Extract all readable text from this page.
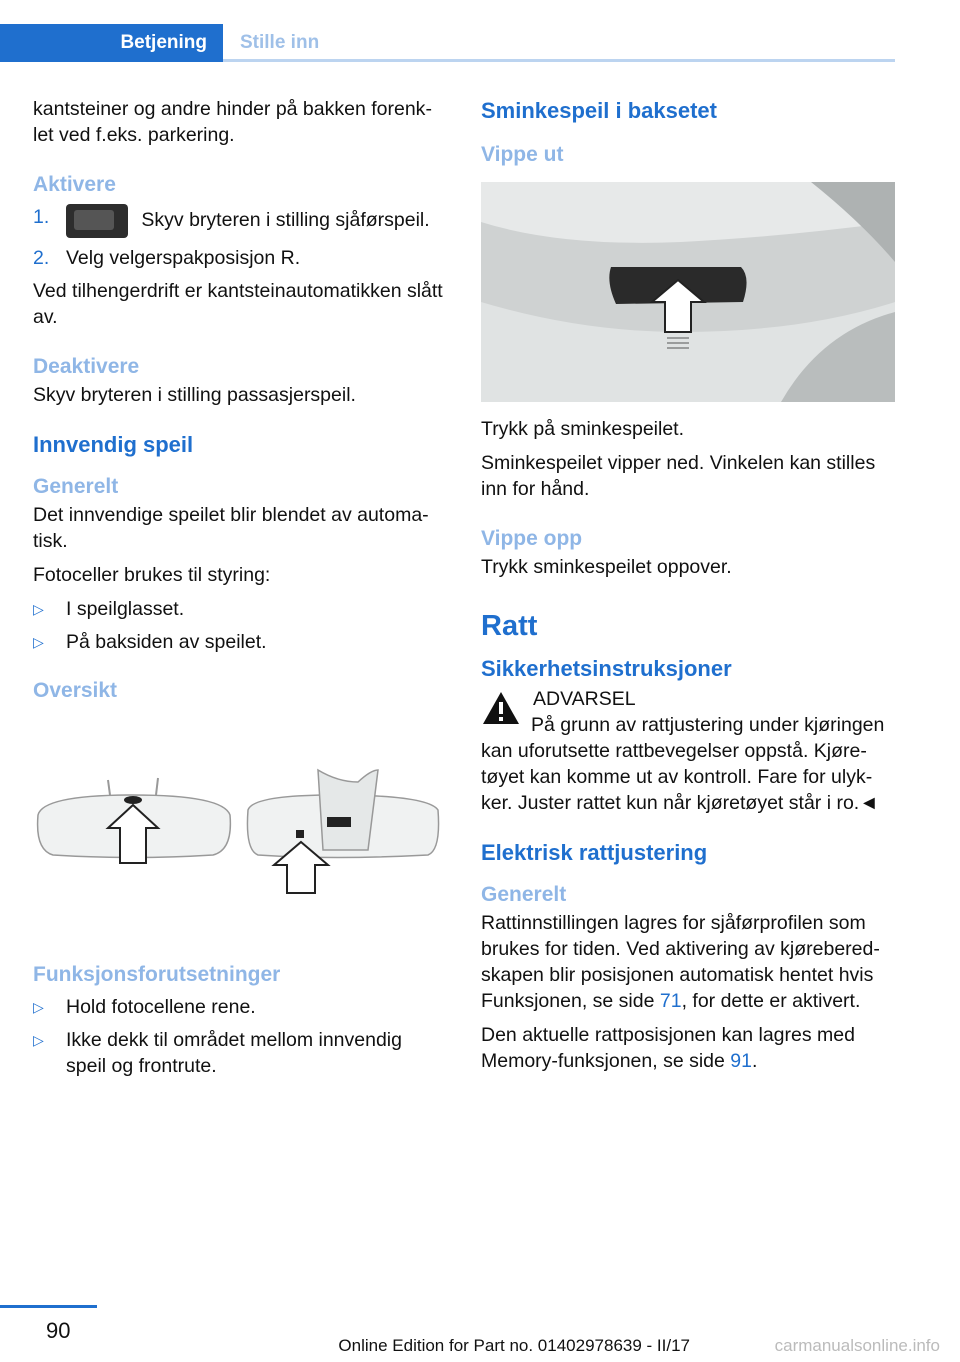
Betjening	Stille inn

kantsteiner og andre hinder på bakken forenklet ved f.eks. parkering.

Aktivere
1.	Skyv bryteren i stilling sjåførspeil.
2. Velg velgerspakposisjon R.

Ved tilhengerdrift er kantsteinautomatikken slått av.

Deaktivere

Skyv bryteren i stilling passasjerspeil.

Innvendig speil
Generelt

Det innvendige speilet blir blendet av automatisk.

Fotoceller brukes til styring:

▷ I speilglasset.
▷ På baksiden av speilet.
Oversikt
Funksjonsforutsetninger
▷ Hold fotocellene rene.
▷ Ikke dekk til området mellom innvendig speil og frontrute.
Sminkespeil i baksetet
Vippe ut

Trykk på sminkespeilet.

Sminkespeilet vipper ned. Vinkelen kan stilles inn for hånd.

Vippe opp

Trykk sminkespeilet oppover.

Ratt
Sikkerhetsinstruksjoner
ADVARSEL

På grunn av rattjustering under kjøringen kan uforutsette rattbevegelser oppstå. Kjøretøyet kan komme ut av kontroll. Fare for ulykker. Juster rattet kun når kjøretøyet står i ro.◄

Elektrisk rattjustering
Generelt

Rattinnstillingen lagres for sjåførprofilen som brukes for tiden. Ved aktivering av kjøreberedskapen blir posisjonen automatisk hentet hvis Funksjonen, se side 71, for dette er aktivert.

Den aktuelle rattposisjonen kan lagres med Memory-funksjonen, se side 91.

90
Online Edition for Part no. 01402978639 - II/17	carmanualsonline.info
